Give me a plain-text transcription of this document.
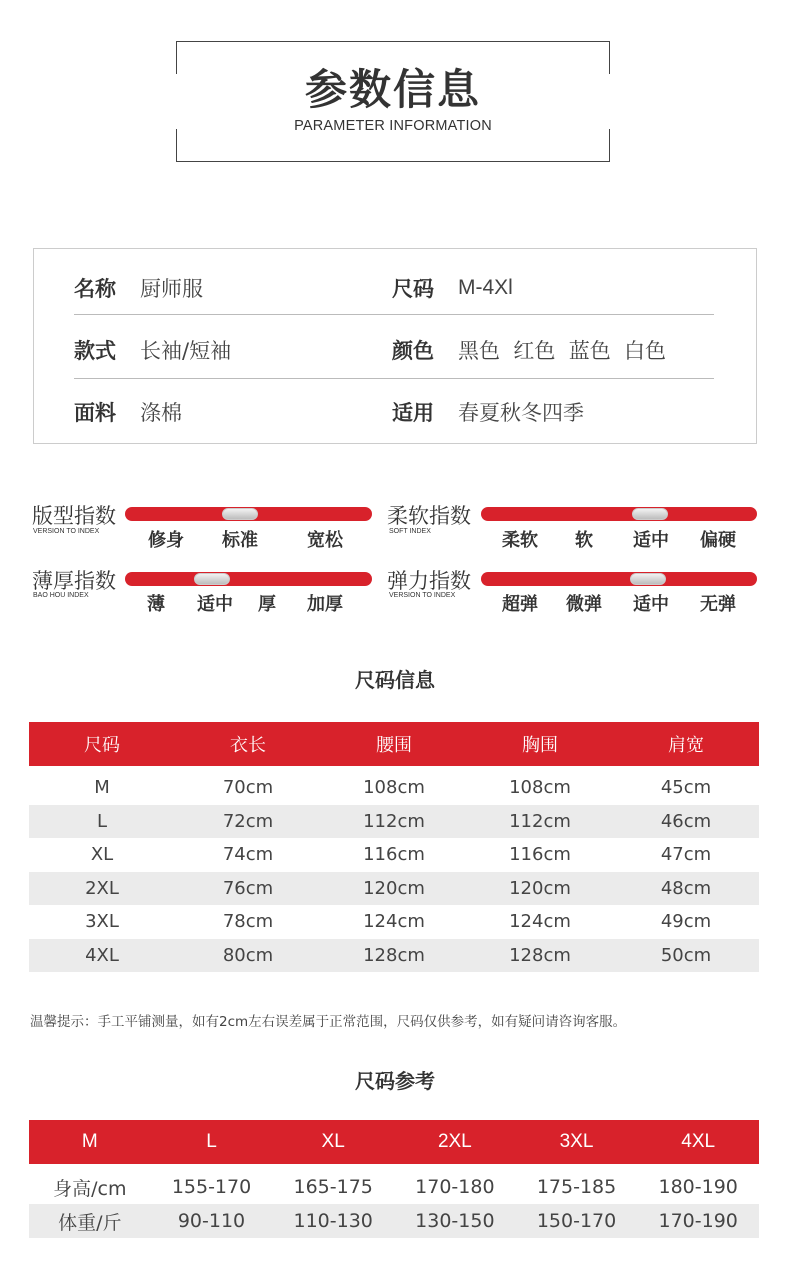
参数信息
PARAMETER INFORMATION
名称	厨师服	尺码	M-4Xl
款式	长袖/短袖	颜色	黑色  红色  蓝色  白色
面料	涤棉	适用	春夏秋冬四季
版型指数
VERSION TO INDEX	修身 标准	宽松
柔软指数
SOFT INDEX	柔软 软 适中 偏硬
薄厚指数
BAO HOU INDEX	薄 适中 厚 加厚
弹力指数
VERSION TO INDEX	超弹 微弹 适中 无弹
尺码信息
尺码	衣长	腰围	胸围	肩宽
M	70cm	108cm	108cm	45cm
L	72cm	112cm	112cm	46cm
XL	74cm	116cm	116cm	47cm
2XL	76cm	120cm	120cm	48cm
3XL	78cm	124cm	124cm	49cm
4XL	80cm	128cm	128cm	50cm
温馨提示：手工平铺测量，如有2cm左右误差属于正常范围，尺码仅供参考，如有疑问请咨询客服。
尺码参考
M	L	XL	2XL	3XL	4XL
身高/cm	155-170	165-175	170-180	175-185	180-190
体重/斤	90-110	110-130	130-150	150-170	170-190
